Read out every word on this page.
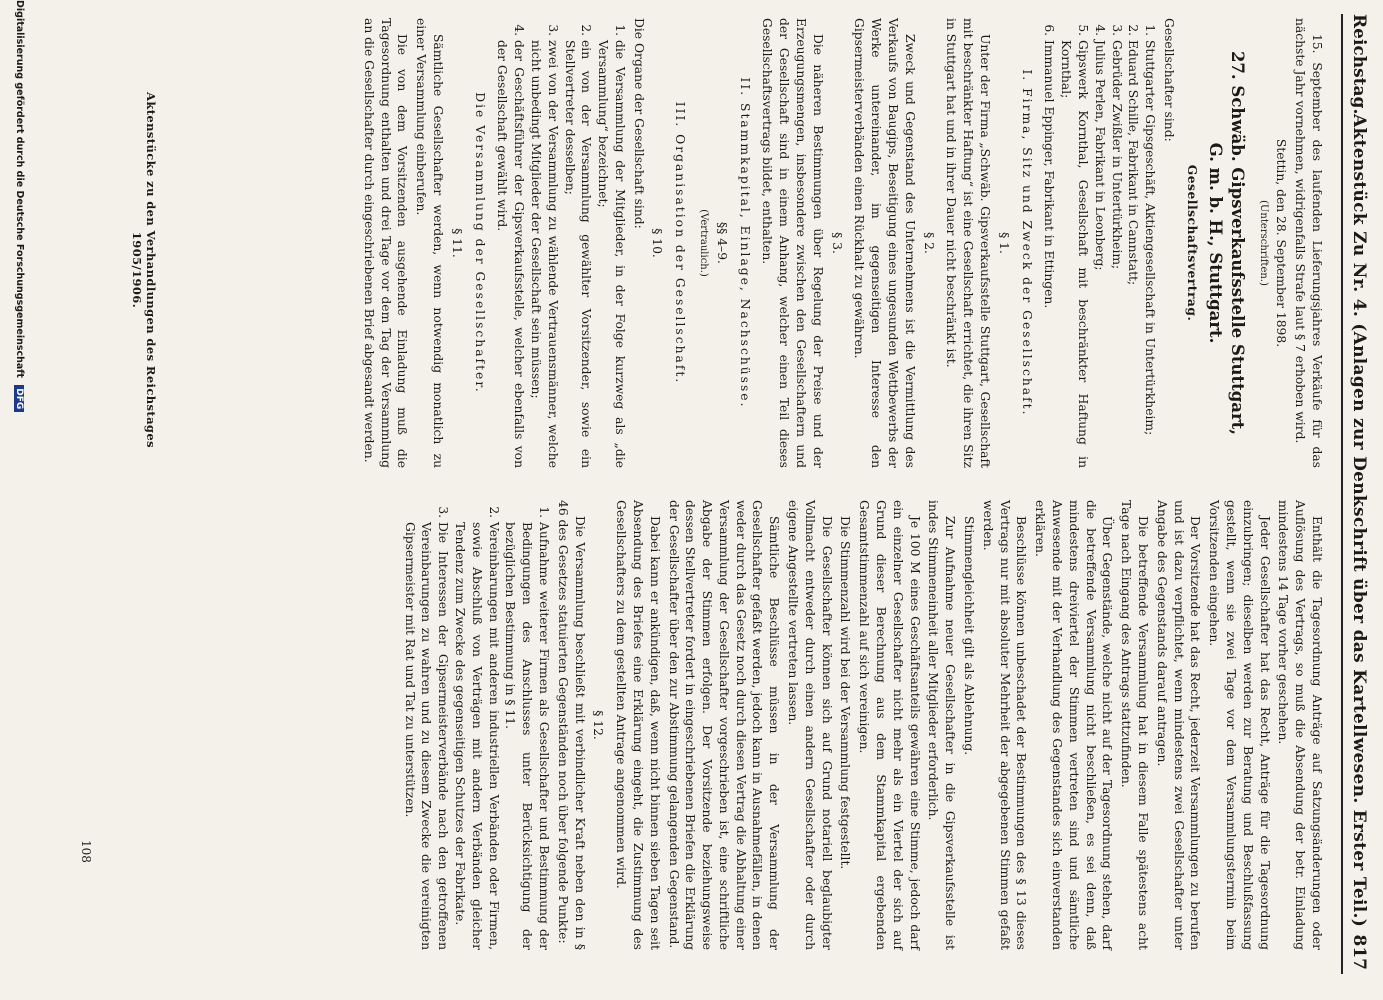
Reichstag.
Aktenstück Zu Nr. 4. (Anlagen zur Denkschrift über das Kartellwesen. Erster Teil.)
817

15. September des laufenden Lieferungsjahres Verkäufe für das nächste Jahr vornehmen, widrigenfalls Strafe laut § 7 erhoben wird.

Stettin, den 28. September 1898.

(Unterschriften.)

27. Schwäb. Gipsverkaufsstelle Stuttgart,
G. m. b. H., Stuttgart.
Gesellschaftsvertrag.

Gesellschafter sind:

1. Stuttgarter Gipsgeschäft, Aktiengesellschaft in Untertürkheim;
2. Eduard Schille, Fabrikant in Cannstatt;
3. Gebrüder Zwißler in Untertürkheim;
4. Julius Perlen, Fabrikant in Leonberg;
5. Gipswerk Kornthal, Gesellschaft mit beschränkter Haftung in Kornthal;
6. Immanuel Eppinger, Fabrikant in Ettingen.
I. Firma, Sitz und Zweck der Gesellschaft.
§ 1.

Unter der Firma „Schwäb. Gipsverkaufsstelle Stuttgart, Gesellschaft mit beschränkter Haftung“ ist eine Gesellschaft errichtet, die ihren Sitz in Stuttgart hat und in ihrer Dauer nicht beschränkt ist.

§ 2.

Zweck und Gegenstand des Unternehmens ist die Vermittlung des Verkaufs von Baugips, Beseitigung eines ungesunden Wettbewerbs der Werke untereinander, im gegenseitigen Interesse den Gipsermeisterverbänden einen Rückhalt zu gewähren.

§ 3.

Die näheren Bestimmungen über Regelung der Preise und der Erzeugungsmengen, insbesondere zwischen den Gesellschaftern und der Gesellschaft sind in einem Anhang, welcher einen Teil dieses Gesellschaftsvertrags bildet, enthalten.

II. Stammkapital, Einlage, Nachschüsse.
§§ 4–9.
(Vertraulich.)
III. Organisation der Gesellschaft.
§ 10.

Die Organe der Gesellschaft sind:

1. die Versammlung der Mitglieder, in der Folge kurzweg als „die Versammlung“ bezeichnet;
2. ein von der Versammlung gewählter Vorsitzender, sowie ein Stellvertreter desselben;
3. zwei von der Versammlung zu wählende Vertrauensmänner, welche nicht unbedingt Mitglieder der Gesellschaft sein müssen;
4. der Geschäftsführer der Gipsverkaufsstelle, welcher ebenfalls von der Gesellschaft gewählt wird.
Die Versammlung der Gesellschafter.
§ 11.

Sämtliche Gesellschafter werden, wenn notwendig monatlich zu einer Versammlung einberufen.

Die von dem Vorsitzenden ausgehende Einladung muß die Tagesordnung enthalten und drei Tage vor dem Tag der Versammlung an die Gesellschafter durch eingeschriebenen Brief abgesandt werden.

Enthält die Tagesordnung Anträge auf Satzungsänderungen oder Auflösung des Vertrags, so muß die Absendung der betr. Einladung mindestens 14 Tage vorher geschehen.

Jeder Gesellschafter hat das Recht, Anträge für die Tagesordnung einzubringen; dieselben werden zur Beratung und Beschlußfassung gestellt, wenn sie zwei Tage vor dem Versammlungstermin beim Vorsitzenden eingehen.

Der Vorsitzende hat das Recht, jederzeit Versammlungen zu berufen und ist dazu verpflichtet, wenn mindestens zwei Gesellschafter unter Angabe des Gegenstands darauf antragen.

Die betreffende Versammlung hat in diesem Falle spätestens acht Tage nach Eingang des Antrags stattzufinden.

Über Gegenstände, welche nicht auf der Tagesordnung stehen, darf die betreffende Versammlung nicht beschließen, es sei denn, daß mindestens dreiviertel der Stimmen vertreten sind und sämtliche Anwesende mit der Verhandlung des Gegenstandes sich einverstanden erklären.

Beschlüsse können unbeschadet der Bestimmungen des § 13 dieses Vertrags nur mit absoluter Mehrheit der abgegebenen Stimmen gefaßt werden.

Stimmengleichheit gilt als Ablehnung.

Zur Aufnahme neuer Gesellschafter in die Gipsverkaufsstelle ist indes Stimmeneinheit aller Mitglieder erforderlich.

Je 100 M eines Geschäftsanteils gewähren eine Stimme, jedoch darf ein einzelner Gesellschafter nicht mehr als ein Viertel der sich auf Grund dieser Berechnung aus dem Stammkapital ergebenden Gesamtstimmenzahl auf sich vereinigen.

Die Stimmenzahl wird bei der Versammlung festgestellt.

Die Gesellschafter können sich auf Grund notariell beglaubigter Vollmacht entweder durch einen andern Gesellschafter oder durch eigene Angestellte vertreten lassen.

Sämtliche Beschlüsse müssen in der Versammlung der Gesellschafter gefaßt werden, jedoch kann in Ausnahmefällen, in denen weder durch das Gesetz noch durch diesen Vertrag die Abhaltung einer Versammlung der Gesellschafter vorgeschrieben ist, eine schriftliche Abgabe der Stimmen erfolgen. Der Vorsitzende beziehungsweise dessen Stellvertreter fordert in eingeschriebenen Briefen die Erklärung der Gesellschafter über den zur Abstimmung gelangenden Gegenstand.

Dabei kann er ankündigen, daß, wenn nicht binnen sieben Tagen seit Absendung des Briefes eine Erklärung eingeht, die Zustimmung des Gesellschafters zu dem gestellten Antrage angenommen wird.

§ 12.

Die Versammlung beschließt mit verbindlicher Kraft neben den in § 46 des Gesetzes statuierten Gegenständen noch über folgende Punkte:

1. Aufnahme weiterer Firmen als Gesellschafter und Bestimmung der Bedingungen des Anschlusses unter Berücksichtigung der bezüglichen Bestimmung in § 11.
2. Vereinbarungen mit anderen industriellen Verbänden oder Firmen, sowie Abschluß von Verträgen mit andern Verbänden gleicher Tendenz zum Zwecke des gegenseitigen Schutzes der Fabrikate.
3. Die Interessen der Gipsermeisterverbände nach den getroffenen Vereinbarungen zu wahren und zu diesem Zwecke die vereinigten Gipsermeister mit Rat und Tat zu unterstützen.
Aktenstücke zu den Verhandlungen des Reichstages 1905/1906.
108
Digitalisierung gefördert durch die Deutsche Forschungsgemeinschaft DFG
